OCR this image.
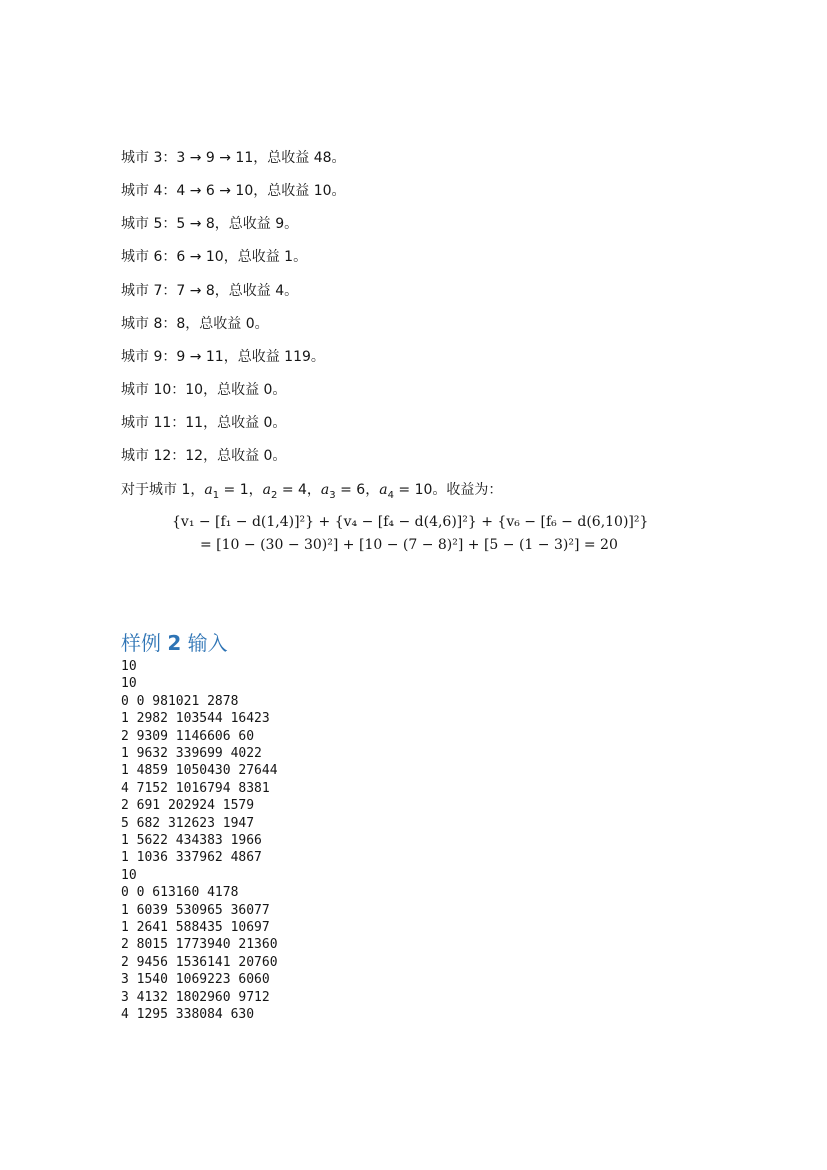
城市 3：3 → 9 → 11，总收益 48。
城市 4：4 → 6 → 10，总收益 10。
城市 5：5 → 8，总收益 9。
城市 6：6 → 10，总收益 1。
城市 7：7 → 8，总收益 4。
城市 8：8，总收益 0。
城市 9：9 → 11，总收益 119。
城市 10：10，总收益 0。
城市 11：11，总收益 0。
城市 12：12，总收益 0。
对于城市 1，$a_1 = 1$，$a_2 = 4$，$a_3 = 6$，$a_4 = 10$。收益为：
{v₁ − [f₁ − d(1,4)]²} + {v₄ − [f₄ − d(4,6)]²} + {v₆ − [f₆ − d(6,10)]²}
= [10 − (30 − 30)²] + [10 − (7 − 8)²] + [5 − (1 − 3)²] = 20
样例 2 输入
10
10
0 0 981021 2878
1 2982 103544 16423
2 9309 1146606 60
1 9632 339699 4022
1 4859 1050430 27644
4 7152 1016794 8381
2 691 202924 1579
5 682 312623 1947
1 5622 434383 1966
1 1036 337962 4867
10
0 0 613160 4178
1 6039 530965 36077
1 2641 588435 10697
2 8015 1773940 21360
2 9456 1536141 20760
3 1540 1069223 6060
3 4132 1802960 9712
4 1295 338084 630
